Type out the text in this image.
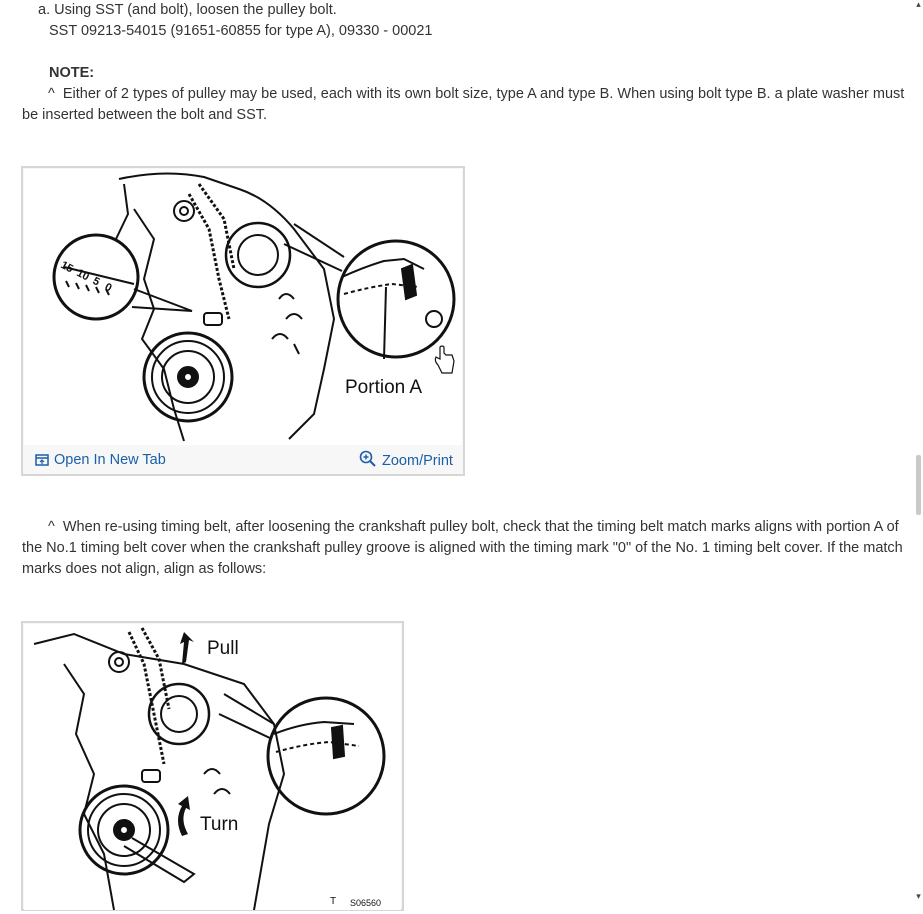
a. Using SST (and bolt), loosen the pulley bolt.
SST 09213-54015 (91651-60855 for type A), 09330 - 00021
NOTE:
^ Either of 2 types of pulley may be used, each with its own bolt size, type A and type B. When using bolt type B. a plate washer must be inserted between the bolt and SST.
15 10 5 0
Portion A
Open In New Tab	Zoom/Print
^ When re-using timing belt, after loosening the crankshaft pulley bolt, check that the timing belt match marks aligns with portion A of the No.1 timing belt cover when the crankshaft pulley groove is aligned with the timing mark "0" of the No. 1 timing belt cover. If the match marks does not align, align as follows:
Pull
Turn
T S06560
▴
▾
